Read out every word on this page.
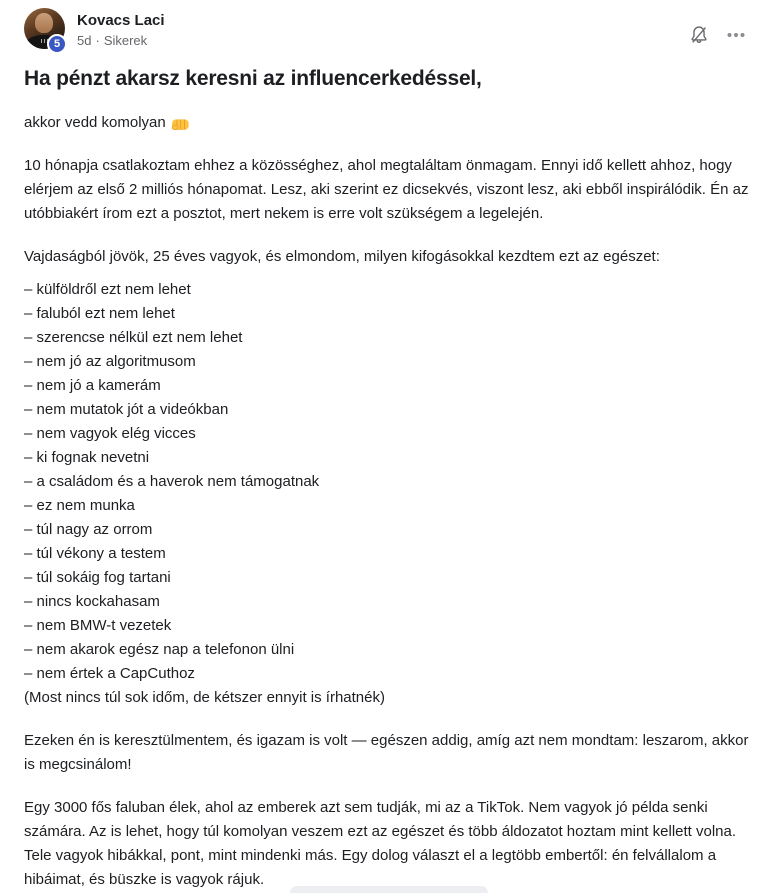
5
Kovacs Laci
5d · Sikerek
Ha pénzt akarsz keresni az influencerkedéssel,

akkor vedd komolyan

10 hónapja csatlakoztam ehhez a közösséghez, ahol megtaláltam önmagam. Ennyi idő kellett ahhoz, hogy elérjem az első 2 milliós hónapomat. Lesz, aki szerint ez dicsekvés, viszont lesz, aki ebből inspirálódik. Én az utóbbiakért írom ezt a posztot, mert nekem is erre volt szükségem a legelején.

Vajdaságból jövök, 25 éves vagyok, és elmondom, milyen kifogásokkal kezdtem ezt az egészet:

– külföldről ezt nem lehet

– faluból ezt nem lehet

– szerencse nélkül ezt nem lehet

– nem jó az algoritmusom

– nem jó a kamerám

– nem mutatok jót a videókban

– nem vagyok elég vicces

– ki fognak nevetni

– a családom és a haverok nem támogatnak

– ez nem munka

– túl nagy az orrom

– túl vékony a testem

– túl sokáig fog tartani

– nincs kockahasam

– nem BMW-t vezetek

– nem akarok egész nap a telefonon ülni

– nem értek a CapCuthoz

(Most nincs túl sok időm, de kétszer ennyit is írhatnék)

Ezeken én is keresztülmentem, és igazam is volt — egészen addig, amíg azt nem mondtam: leszarom, akkor is megcsinálom!

Egy 3000 fős faluban élek, ahol az emberek azt sem tudják, mi az a TikTok. Nem vagyok jó példa senki számára. Az is lehet, hogy túl komolyan veszem ezt az egészet és több áldozatot hoztam mint kellett volna. Tele vagyok hibákkal, pont, mint mindenki más. Egy dolog választ el a legtöbb embertől: én felvállalom a hibáimat, és büszke is vagyok rájuk.
